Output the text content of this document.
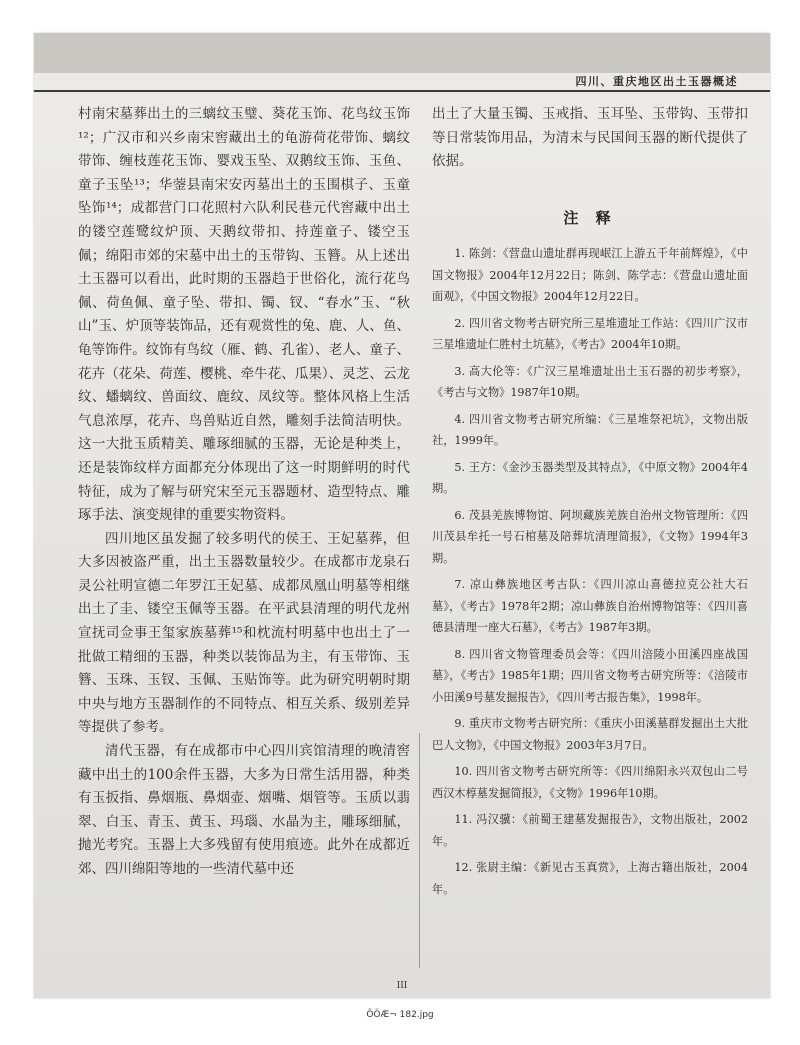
四川、重庆地区出土玉器概述

村南宋墓葬出土的三螭纹玉璧、葵花玉饰、花鸟纹玉饰¹²；广汉市和兴乡南宋窖藏出土的龟游荷花带饰、螭纹带饰、缠枝莲花玉饰、婴戏玉坠、双鹅纹玉饰、玉鱼、童子玉坠¹³；华蓥县南宋安丙墓出土的玉围棋子、玉童坠饰¹⁴；成都营门口花照村六队利民巷元代窖藏中出土的镂空莲鹭纹炉顶、天鹅纹带扣、持莲童子、镂空玉佩；绵阳市郊的宋墓中出土的玉带钩、玉簪。从上述出土玉器可以看出，此时期的玉器趋于世俗化，流行花鸟佩、荷鱼佩、童子坠、带扣、镯、钗、“春水”玉、“秋山”玉、炉顶等装饰品，还有观赏性的兔、鹿、人、鱼、龟等饰件。纹饰有鸟纹（雁、鹤、孔雀）、老人、童子、花卉（花朵、荷莲、樱桃、牵牛花、瓜果）、灵芝、云龙纹、蟠螭纹、兽面纹、鹿纹、凤纹等。整体风格上生活气息浓厚，花卉、鸟兽贴近自然，雕刻手法简洁明快。这一大批玉质精美、雕琢细腻的玉器，无论是种类上，还是装饰纹样方面都充分体现出了这一时期鲜明的时代特征，成为了解与研究宋至元玉器题材、造型特点、雕琢手法、演变规律的重要实物资料。

四川地区虽发掘了较多明代的侯王、王妃墓葬，但大多因被盗严重，出土玉器数量较少。在成都市龙泉石灵公社明宣德二年罗江王妃墓、成都凤凰山明墓等相继出土了圭、镂空玉佩等玉器。在平武县清理的明代龙州宣抚司佥事王玺家族墓葬¹⁵和枕流村明墓中也出土了一批做工精细的玉器，种类以装饰品为主，有玉带饰、玉簪、玉珠、玉钗、玉佩、玉贴饰等。此为研究明朝时期中央与地方玉器制作的不同特点、相互关系、级别差异等提供了参考。

清代玉器，有在成都市中心四川宾馆清理的晚清窖藏中出土的100余件玉器，大多为日常生活用器，种类有玉扳指、鼻烟瓶、鼻烟壶、烟嘴、烟管等。玉质以翡翠、白玉、青玉、黄玉、玛瑙、水晶为主，雕琢细腻，抛光考究。玉器上大多残留有使用痕迹。此外在成都近郊、四川绵阳等地的一些清代墓中还

出土了大量玉镯、玉戒指、玉耳坠、玉带钩、玉带扣等日常装饰用品，为清末与民国间玉器的断代提供了依据。

注 释

1. 陈剑：《营盘山遗址群再现岷江上游五千年前辉煌》，《中国文物报》2004年12月22日；陈剑、陈学志：《营盘山遗址面面观》，《中国文物报》2004年12月22日。

2. 四川省文物考古研究所三星堆遗址工作站：《四川广汉市三星堆遗址仁胜村土坑墓》，《考古》2004年10期。

3. 高大伦等：《广汉三星堆遗址出土玉石器的初步考察》，《考古与文物》1987年10期。

4. 四川省文物考古研究所编：《三星堆祭祀坑》，文物出版社，1999年。

5. 王方：《金沙玉器类型及其特点》，《中原文物》2004年4期。

6. 茂县羌族博物馆、阿坝藏族羌族自治州文物管理所：《四川茂县牟托一号石棺墓及陪葬坑清理简报》，《文物》1994年3期。

7. 凉山彝族地区考古队：《四川凉山喜德拉克公社大石墓》，《考古》1978年2期；凉山彝族自治州博物馆等：《四川喜德县清理一座大石墓》，《考古》1987年3期。

8. 四川省文物管理委员会等：《四川涪陵小田溪四座战国墓》，《考古》1985年1期；四川省文物考古研究所等：《涪陵市小田溪9号墓发掘报告》，《四川考古报告集》，1998年。

9. 重庆市文物考古研究所：《重庆小田溪墓群发掘出土大批巴人文物》，《中国文物报》2003年3月7日。

10. 四川省文物考古研究所等：《四川绵阳永兴双包山二号西汉木椁墓发掘简报》，《文物》1996年10期。

11. 冯汉骥：《前蜀王建墓发掘报告》，文物出版社，2002年。

12. 张尉主编：《新见古玉真赏》，上海古籍出版社，2004年。

III
ÕÖÆ¬ 182.jpg
